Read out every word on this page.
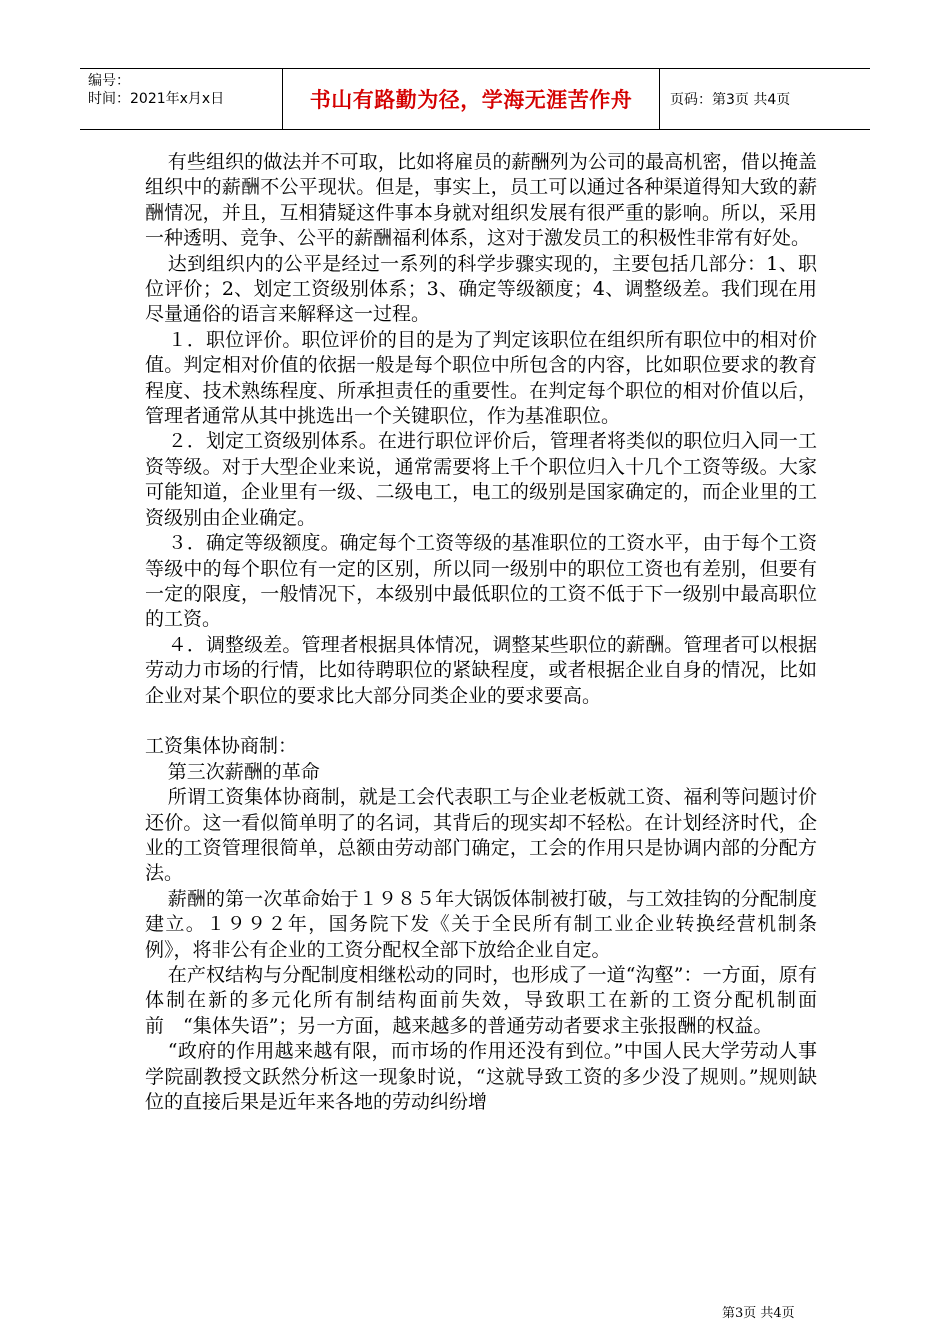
编号：
时间：2021年x月x日	书山有路勤为径，学海无涯苦作舟	页码：第3页 共4页

有些组织的做法并不可取，比如将雇员的薪酬列为公司的最高机密，借以掩盖组织中的薪酬不公平现状。但是，事实上，员工可以通过各种渠道得知大致的薪酬情况，并且，互相猜疑这件事本身就对组织发展有很严重的影响。所以，采用一种透明、竞争、公平的薪酬福利体系，这对于激发员工的积极性非常有好处。

达到组织内的公平是经过一系列的科学步骤实现的，主要包括几部分：1、职位评价；2、划定工资级别体系；3、确定等级额度；4、调整级差。我们现在用尽量通俗的语言来解释这一过程。

１．职位评价。职位评价的目的是为了判定该职位在组织所有职位中的相对价值。判定相对价值的依据一般是每个职位中所包含的内容，比如职位要求的教育程度、技术熟练程度、所承担责任的重要性。在判定每个职位的相对价值以后，管理者通常从其中挑选出一个关键职位，作为基准职位。

２．划定工资级别体系。在进行职位评价后，管理者将类似的职位归入同一工资等级。对于大型企业来说，通常需要将上千个职位归入十几个工资等级。大家可能知道，企业里有一级、二级电工，电工的级别是国家确定的，而企业里的工资级别由企业确定。

３．确定等级额度。确定每个工资等级的基准职位的工资水平，由于每个工资等级中的每个职位有一定的区别，所以同一级别中的职位工资也有差别，但要有一定的限度，一般情况下，本级别中最低职位的工资不低于下一级别中最高职位的工资。

４．调整级差。管理者根据具体情况，调整某些职位的薪酬。管理者可以根据劳动力市场的行情，比如待聘职位的紧缺程度，或者根据企业自身的情况，比如企业对某个职位的要求比大部分同类企业的要求要高。

工资集体协商制：

第三次薪酬的革命

所谓工资集体协商制，就是工会代表职工与企业老板就工资、福利等问题讨价还价。这一看似简单明了的名词，其背后的现实却不轻松。在计划经济时代，企业的工资管理很简单，总额由劳动部门确定，工会的作用只是协调内部的分配方法。

薪酬的第一次革命始于１９８５年大锅饭体制被打破，与工效挂钩的分配制度建立。１９９２年，国务院下发《关于全民所有制工业企业转换经营机制条例》，将非公有企业的工资分配权全部下放给企业自定。

在产权结构与分配制度相继松动的同时，也形成了一道“沟壑”：一方面，原有体制在新的多元化所有制结构面前失效，导致职工在新的工资分配机制面前　“集体失语”；另一方面，越来越多的普通劳动者要求主张报酬的权益。

“政府的作用越来越有限，而市场的作用还没有到位。”中国人民大学劳动人事学院副教授文跃然分析这一现象时说，“这就导致工资的多少没了规则。”规则缺位的直接后果是近年来各地的劳动纠纷增

第3页 共4页
